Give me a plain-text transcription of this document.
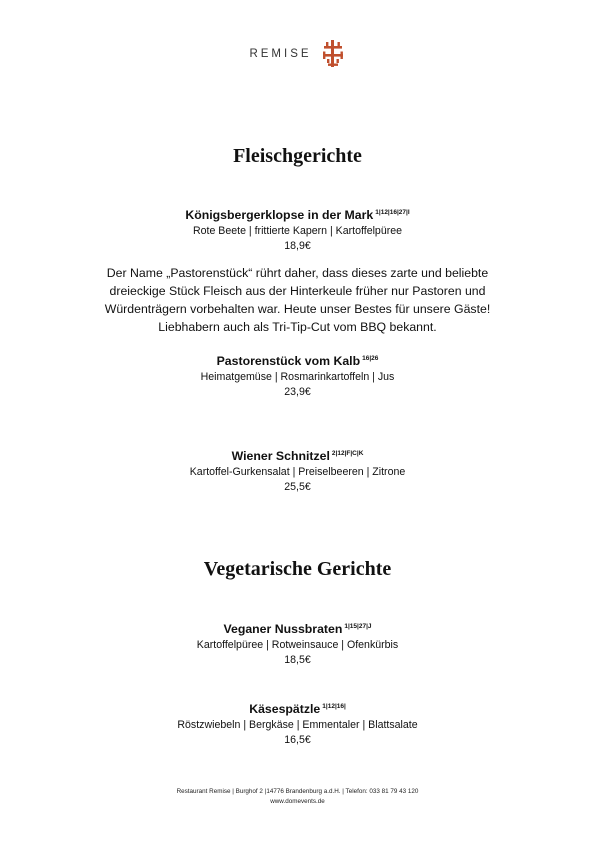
REMISE
Fleischgerichte
Königsbergerklopse in der Mark $^{1|12|16|27|I}$
Rote Beete | frittierte Kapern | Kartoffelpüree
18,9€
Der Name „Pastorenstück“ rührt daher, dass dieses zarte und beliebte
dreieckige Stück Fleisch aus der Hinterkeule früher nur Pastoren und
Würdenträgern vorbehalten war. Heute unser Bestes für unsere Gäste!
Liebhabern auch als Tri-Tip-Cut vom BBQ bekannt.
Pastorenstück vom Kalb $^{16|26}$
Heimatgemüse | Rosmarinkartoffeln | Jus
23,9€
Wiener Schnitzel $^{2|12|F|C|K}$
Kartoffel-Gurkensalat | Preiselbeeren | Zitrone
25,5€
Vegetarische Gerichte
Veganer Nussbraten $^{1|15|27|J}$
Kartoffelpüree | Rotweinsauce | Ofenkürbis
18,5€
Käsespätzle $^{1|12|16|}$
Röstzwiebeln | Bergkäse | Emmentaler | Blattsalate
16,5€
Restaurant Remise | Burghof 2 |14776 Brandenburg a.d.H. | Telefon: 033 81 79 43 120
www.domevents.de
